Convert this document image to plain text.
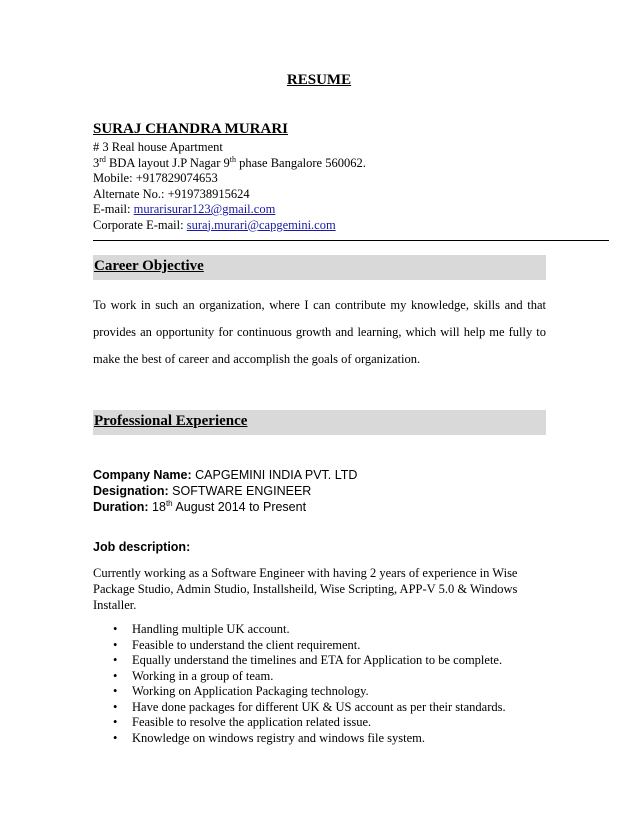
RESUME
SURAJ CHANDRA MURARI
# 3 Real house Apartment
3rd BDA layout J.P Nagar 9th phase Bangalore 560062.
Mobile: +917829074653
Alternate No.: +919738915624
E-mail: murarisurar123@gmail.com
Corporate E-mail: suraj.murari@capgemini.com
Career Objective
To work in such an organization, where I can contribute my knowledge, skills and that provides an opportunity for continuous growth and learning, which will help me fully to make the best of career and accomplish the goals of organization.
Professional Experience
Company Name: CAPGEMINI INDIA PVT. LTD
Designation: SOFTWARE ENGINEER
Duration: 18th August 2014 to Present
Job description:
Currently working as a Software Engineer with having 2 years of experience in Wise Package Studio, Admin Studio, Installsheild, Wise Scripting, APP-V 5.0 & Windows Installer.
• Handling multiple UK account.
• Feasible to understand the client requirement.
• Equally understand the timelines and ETA for Application to be complete.
• Working in a group of team.
• Working on Application Packaging technology.
• Have done packages for different UK & US account as per their standards.
• Feasible to resolve the application related issue.
• Knowledge on windows registry and windows file system.
